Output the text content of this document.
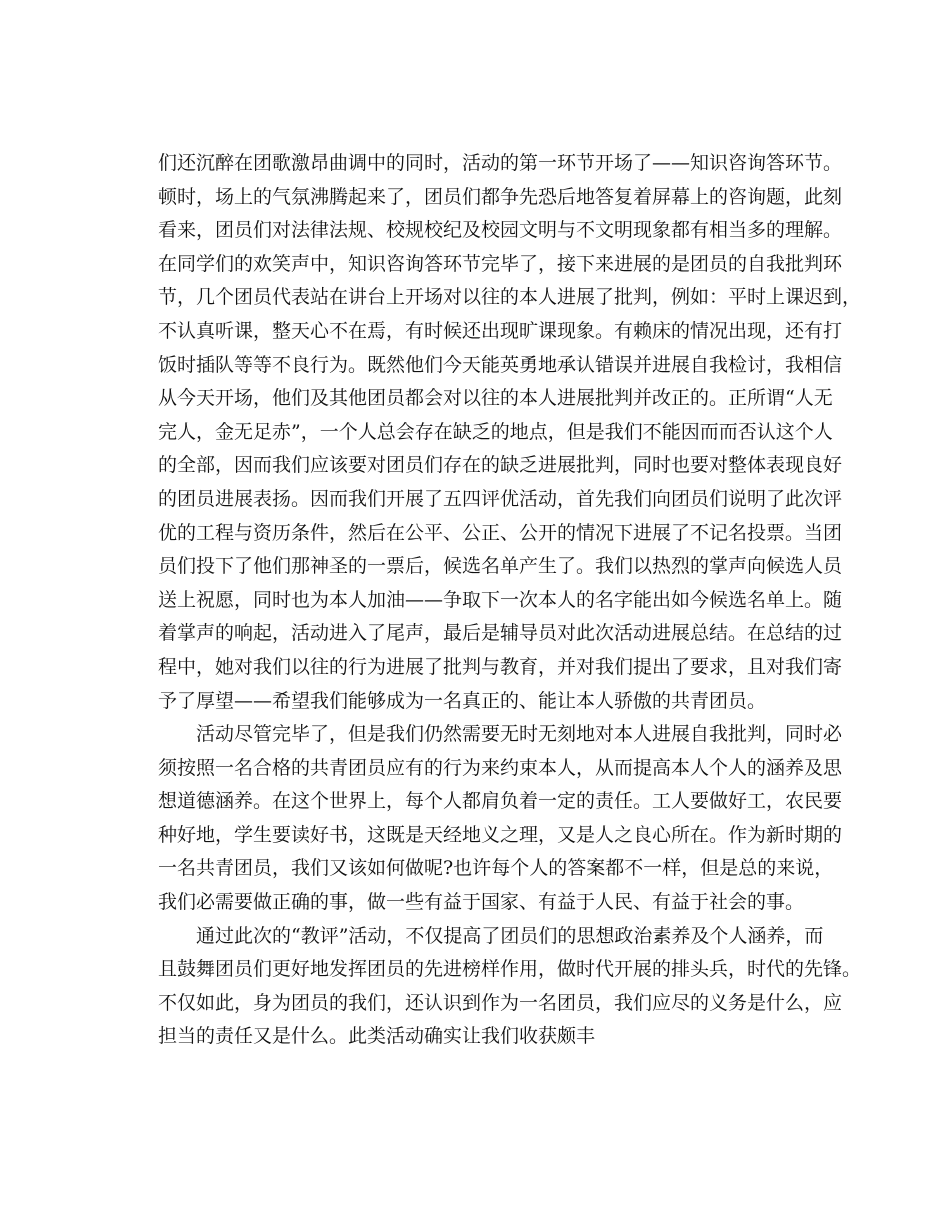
们还沉醉在团歌激昂曲调中的同时，活动的第一环节开场了——知识咨询答环节。
顿时，场上的气氛沸腾起来了，团员们都争先恐后地答复着屏幕上的咨询题，此刻
看来，团员们对法律法规、校规校纪及校园文明与不文明现象都有相当多的理解。
在同学们的欢笑声中，知识咨询答环节完毕了，接下来进展的是团员的自我批判环
节，几个团员代表站在讲台上开场对以往的本人进展了批判，例如：平时上课迟到，
不认真听课，整天心不在焉，有时候还出现旷课现象。有赖床的情况出现，还有打
饭时插队等等不良行为。既然他们今天能英勇地承认错误并进展自我检讨，我相信
从今天开场，他们及其他团员都会对以往的本人进展批判并改正的。正所谓“人无
完人，金无足赤”，一个人总会存在缺乏的地点，但是我们不能因而而否认这个人
的全部，因而我们应该要对团员们存在的缺乏进展批判，同时也要对整体表现良好
的团员进展表扬。因而我们开展了五四评优活动，首先我们向团员们说明了此次评
优的工程与资历条件，然后在公平、公正、公开的情况下进展了不记名投票。当团
员们投下了他们那神圣的一票后，候选名单产生了。我们以热烈的掌声向候选人员
送上祝愿，同时也为本人加油——争取下一次本人的名字能出如今候选名单上。随
着掌声的响起，活动进入了尾声，最后是辅导员对此次活动进展总结。在总结的过
程中，她对我们以往的行为进展了批判与教育，并对我们提出了要求，且对我们寄
予了厚望——希望我们能够成为一名真正的、能让本人骄傲的共青团员。
活动尽管完毕了，但是我们仍然需要无时无刻地对本人进展自我批判，同时必
须按照一名合格的共青团员应有的行为来约束本人，从而提高本人个人的涵养及思
想道德涵养。在这个世界上，每个人都肩负着一定的责任。工人要做好工，农民要
种好地，学生要读好书，这既是天经地义之理，又是人之良心所在。作为新时期的
一名共青团员，我们又该如何做呢?也许每个人的答案都不一样，但是总的来说，
我们必需要做正确的事，做一些有益于国家、有益于人民、有益于社会的事。
通过此次的“教评”活动，不仅提高了团员们的思想政治素养及个人涵养，而
且鼓舞团员们更好地发挥团员的先进榜样作用，做时代开展的排头兵，时代的先锋。
不仅如此，身为团员的我们，还认识到作为一名团员，我们应尽的义务是什么，应
担当的责任又是什么。此类活动确实让我们收获颇丰
